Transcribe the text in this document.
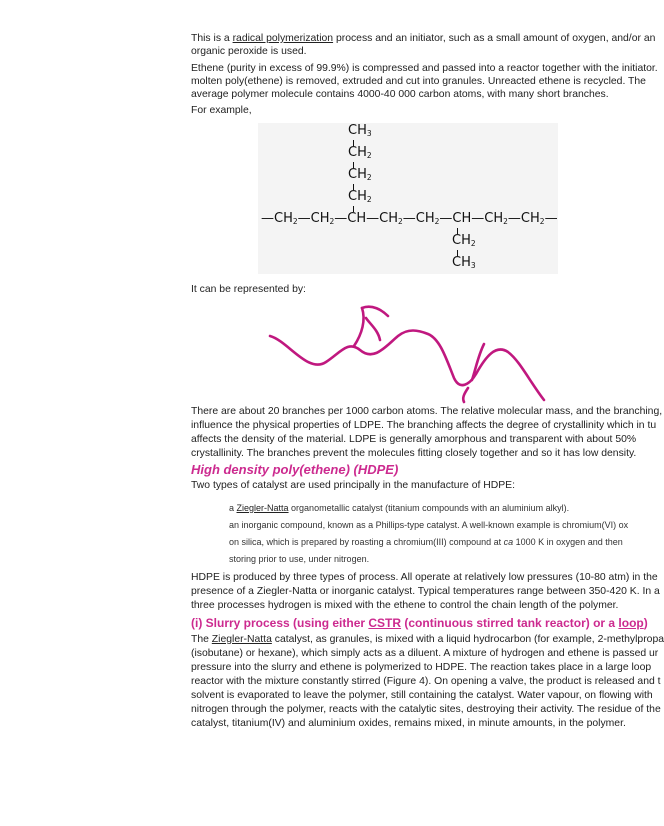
This is a radical polymerization process and an initiator, such as a small amount of oxygen, and/or an
organic peroxide is used.
Ethene (purity in excess of 99.9%) is compressed and passed into a reactor together with the initiator.
molten poly(ethene) is removed, extruded and cut into granules. Unreacted ethene is recycled. The
average polymer molecule contains 4000-40 000 carbon atoms, with many short branches.
For example,
$CH_3$
$CH_2$
$CH_2$
$CH_2$
$—CH_2—CH_2—CH—CH_2—CH_2—CH—CH_2—CH_2—$
$CH_2$
$CH_3$
It can be represented by:
There are about 20 branches per 1000 carbon atoms. The relative molecular mass, and the branching,
influence the physical properties of LDPE. The branching affects the degree of crystallinity which in tu
affects the density of the material. LDPE is generally amorphous and transparent with about 50%
crystallinity. The branches prevent the molecules fitting closely together and so it has low density.
High density poly(ethene) (HDPE)
Two types of catalyst are used principally in the manufacture of HDPE:
a Ziegler-Natta organometallic catalyst (titanium compounds with an aluminium alkyl).
an inorganic compound, known as a Phillips-type catalyst. A well-known example is chromium(VI) ox
on silica, which is prepared by roasting a chromium(III) compound at ca 1000 K in oxygen and then
storing prior to use, under nitrogen.
HDPE is produced by three types of process. All operate at relatively low pressures (10-80 atm) in the
presence of a Ziegler-Natta or inorganic catalyst. Typical temperatures range between 350-420 K. In a
three processes hydrogen is mixed with the ethene to control the chain length of the polymer.
(i) Slurry process (using either CSTR (continuous stirred tank reactor) or a loop)
The Ziegler-Natta catalyst, as granules, is mixed with a liquid hydrocarbon (for example, 2-methylpropa
(isobutane) or hexane), which simply acts as a diluent. A mixture of hydrogen and ethene is passed ur
pressure into the slurry and ethene is polymerized to HDPE. The reaction takes place in a large loop
reactor with the mixture constantly stirred (Figure 4). On opening a valve, the product is released and t
solvent is evaporated to leave the polymer, still containing the catalyst. Water vapour, on flowing with
nitrogen through the polymer, reacts with the catalytic sites, destroying their activity. The residue of the
catalyst, titanium(IV) and aluminium oxides, remains mixed, in minute amounts, in the polymer.
